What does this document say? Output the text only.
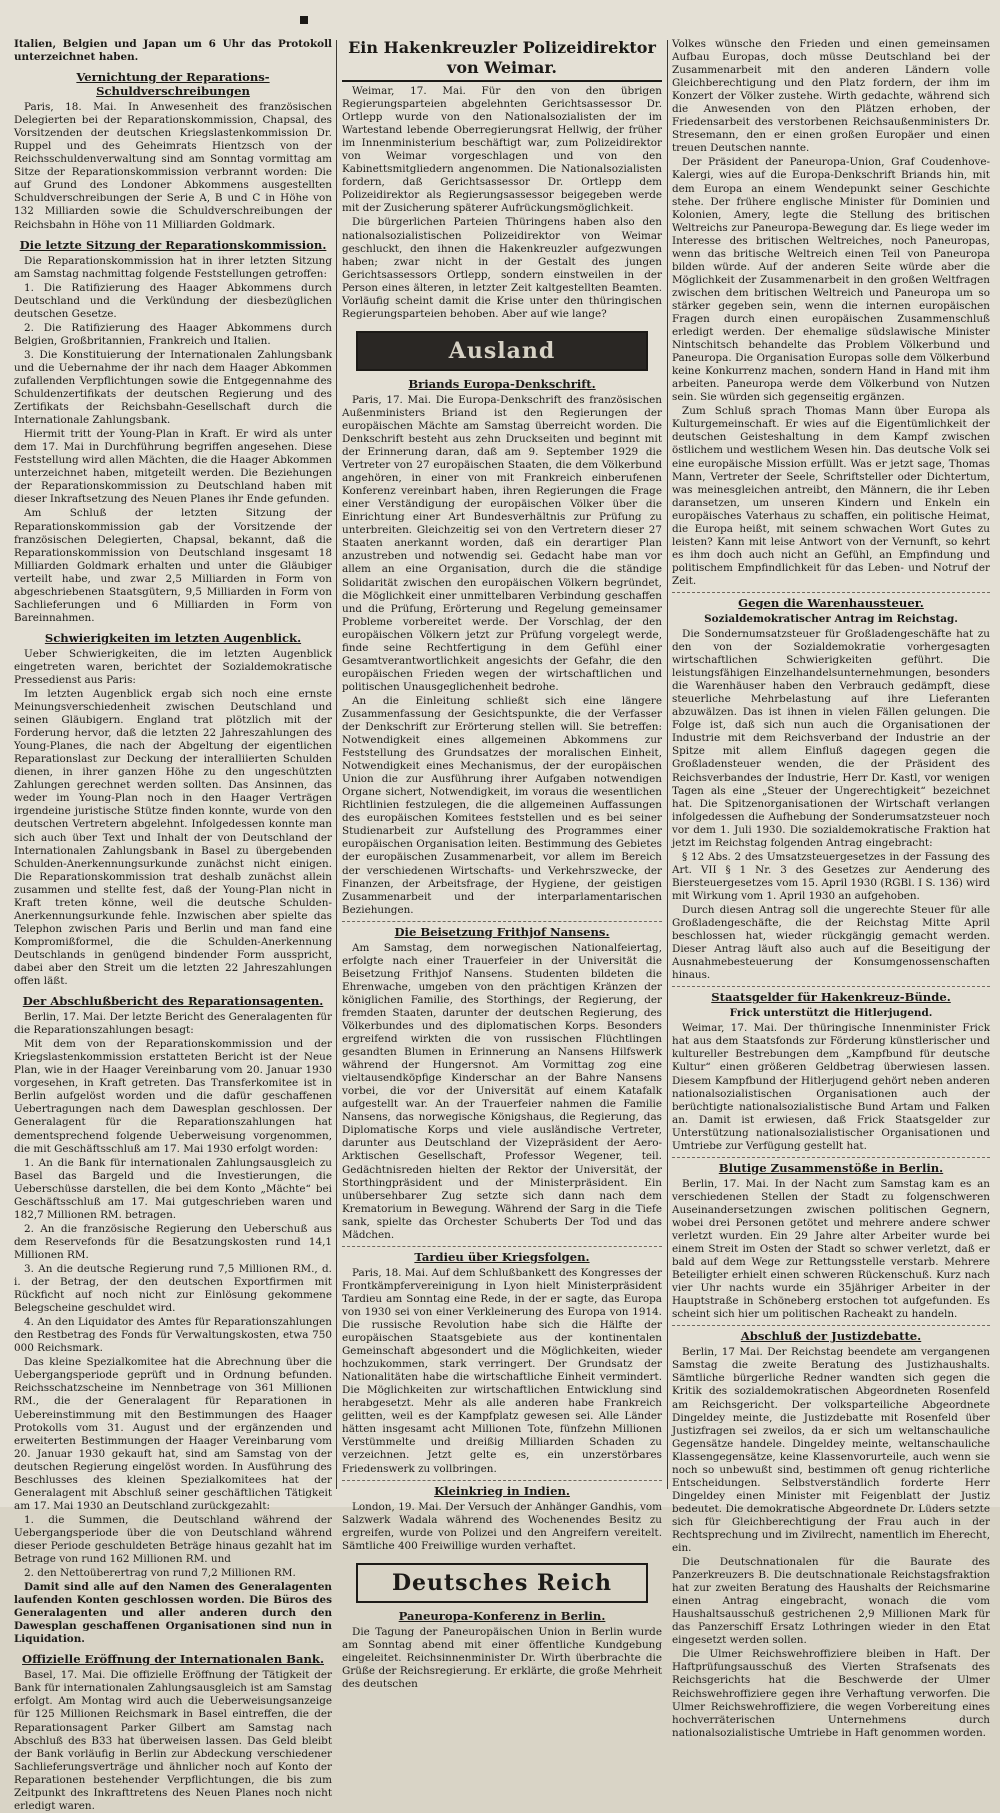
Italien, Belgien und Japan um 6 Uhr das Protokoll unterzeichnet haben.

Vernichtung der Reparations-Schuldverschreibungen

Paris, 18. Mai. In Anwesenheit des französischen Delegierten bei der Reparationskommission, Chapsal, des Vorsitzenden der deutschen Kriegslastenkommission Dr. Ruppel und des Geheimrats Hientzsch von der Reichsschuldenverwaltung sind am Sonntag vormittag am Sitze der Reparationskommission verbrannt worden: Die auf Grund des Londoner Abkommens ausgestellten Schuldverschreibungen der Serie A, B und C in Höhe von 132 Milliarden sowie die Schuldverschreibungen der Reichsbahn in Höhe von 11 Milliarden Goldmark.

Die letzte Sitzung der Reparationskommission.

Die Reparationskommission hat in ihrer letzten Sitzung am Samstag nachmittag folgende Feststellungen getroffen:

1. Die Ratifizierung des Haager Abkommens durch Deutschland und die Verkündung der diesbezüglichen deutschen Gesetze.

2. Die Ratifizierung des Haager Abkommens durch Belgien, Großbritannien, Frankreich und Italien.

3. Die Konstituierung der Internationalen Zahlungsbank und die Uebernahme der ihr nach dem Haager Abkommen zufallenden Verpflichtungen sowie die Entgegennahme des Schuldenzertifikats der deutschen Regierung und des Zertifikats der Reichsbahn-Gesellschaft durch die Internationale Zahlungsbank.

Hiermit tritt der Young-Plan in Kraft. Er wird als unter dem 17. Mai in Durchführung begriffen angesehen. Diese Feststellung wird allen Mächten, die die Haager Abkommen unterzeichnet haben, mitgeteilt werden. Die Beziehungen der Reparationskommission zu Deutschland haben mit dieser Inkraftsetzung des Neuen Planes ihr Ende gefunden.

Am Schluß der letzten Sitzung der Reparationskommission gab der Vorsitzende der französischen Delegierten, Chapsal, bekannt, daß die Reparationskommission von Deutschland insgesamt 18 Milliarden Goldmark erhalten und unter die Gläubiger verteilt habe, und zwar 2,5 Milliarden in Form von abgeschriebenen Staatsgütern, 9,5 Milliarden in Form von Sachlieferungen und 6 Milliarden in Form von Bareinnahmen.

Schwierigkeiten im letzten Augenblick.

Ueber Schwierigkeiten, die im letzten Augenblick eingetreten waren, berichtet der Sozialdemokratische Pressedienst aus Paris:

Im letzten Augenblick ergab sich noch eine ernste Meinungsverschiedenheit zwischen Deutschland und seinen Gläubigern. England trat plötzlich mit der Forderung hervor, daß die letzten 22 Jahreszahlungen des Young-Planes, die nach der Abgeltung der eigentlichen Reparationslast zur Deckung der interalliierten Schulden dienen, in ihrer ganzen Höhe zu den ungeschützten Zahlungen gerechnet werden sollten. Das Ansinnen, das weder im Young-Plan noch in den Haager Verträgen irgendeine juristische Stütze finden konnte, wurde von den deutschen Vertretern abgelehnt. Infolgedessen konnte man sich auch über Text und Inhalt der von Deutschland der Internationalen Zahlungsbank in Basel zu übergebenden Schulden-Anerkennungsurkunde zunächst nicht einigen. Die Reparationskommission trat deshalb zunächst allein zusammen und stellte fest, daß der Young-Plan nicht in Kraft treten könne, weil die deutsche Schulden-Anerkennungsurkunde fehle. Inzwischen aber spielte das Telephon zwischen Paris und Berlin und man fand eine Kompromißformel, die die Schulden-Anerkennung Deutschlands in genügend bindender Form ausspricht, dabei aber den Streit um die letzten 22 Jahreszahlungen offen läßt.

Der Abschlußbericht des Reparationsagenten.

Berlin, 17. Mai. Der letzte Bericht des Generalagenten für die Reparationszahlungen besagt:

Mit dem von der Reparationskommission und der Kriegslastenkommission erstatteten Bericht ist der Neue Plan, wie in der Haager Vereinbarung vom 20. Januar 1930 vorgesehen, in Kraft getreten. Das Transferkomitee ist in Berlin aufgelöst worden und die dafür geschaffenen Uebertragungen nach dem Dawesplan geschlossen. Der Generalagent für die Reparationszahlungen hat dementsprechend folgende Ueberweisung vorgenommen, die mit Geschäftsschluß am 17. Mai 1930 erfolgt worden:

1. An die Bank für internationalen Zahlungsausgleich zu Basel das Bargeld und die Investierungen, die Ueberschüsse darstellen, die bei dem Konto „Mächte“ bei Geschäftsschluß am 17. Mai gutgeschrieben waren und 182,7 Millionen RM. betragen.

2. An die französische Regierung den Ueberschuß aus dem Reservefonds für die Besatzungskosten rund 14,1 Millionen RM.

3. An die deutsche Regierung rund 7,5 Millionen RM., d. i. der Betrag, der den deutschen Exportfirmen mit Rückficht auf noch nicht zur Einlösung gekommene Belegscheine geschuldet wird.

4. An den Liquidator des Amtes für Reparationszahlungen den Restbetrag des Fonds für Verwaltungskosten, etwa 750 000 Reichsmark.

Das kleine Spezialkomitee hat die Abrechnung über die Uebergangsperiode geprüft und in Ordnung befunden. Reichsschatzscheine im Nennbetrage von 361 Millionen RM., die der Generalagent für Reparationen in Uebereinstimmung mit den Bestimmungen des Haager Protokolls vom 31. August und der ergänzenden und erweiterten Bestimmungen der Haager Vereinbarung vom 20. Januar 1930 gekauft hat, sind am Samstag von der deutschen Regierung eingelöst worden. In Ausführung des Beschlusses des kleinen Spezialkomitees hat der Generalagent mit Abschluß seiner geschäftlichen Tätigkeit am 17. Mai 1930 an Deutschland zurückgezahlt:

1. die Summen, die Deutschland während der Uebergangsperiode über die von Deutschland während dieser Periode geschuldeten Beträge hinaus gezahlt hat im Betrage von rund 162 Millionen RM. und

2. den Nettoüberertrag von rund 7,2 Millionen RM.

Damit sind alle auf den Namen des Generalagenten laufenden Konten geschlossen worden. Die Büros des Generalagenten und aller anderen durch den Dawesplan geschaffenen Organisationen sind nun in Liquidation.

Offizielle Eröffnung der Internationalen Bank.

Basel, 17. Mai. Die offizielle Eröffnung der Tätigkeit der Bank für internationalen Zahlungsausgleich ist am Samstag erfolgt. Am Montag wird auch die Ueberweisungsanzeige für 125 Millionen Reichsmark in Basel eintreffen, die der Reparationsagent Parker Gilbert am Samstag nach Abschluß des B33 hat überweisen lassen. Das Geld bleibt der Bank vorläufig in Berlin zur Abdeckung verschiedener Sachlieferungsverträge und ähnlicher noch auf Konto der Reparationen bestehender Verpflichtungen, die bis zum Zeitpunkt des Inkrafttretens des Neuen Planes noch nicht erledigt waren.

Ein Hakenkreuzler Polizeidirektor von Weimar.

Weimar, 17. Mai. Für den von den übrigen Regierungsparteien abgelehnten Gerichtsassessor Dr. Ortlepp wurde von den Nationalsozialisten der im Wartestand lebende Oberregierungsrat Hellwig, der früher im Innenministerium beschäftigt war, zum Polizeidirektor von Weimar vorgeschlagen und von den Kabinettsmitgliedern angenommen. Die Nationalsozialisten fordern, daß Gerichtsassessor Dr. Ortlepp dem Polizeidirektor als Regierungsassessor beigegeben werde mit der Zusicherung späterer Aufrückungsmöglichkeit.

Die bürgerlichen Parteien Thüringens haben also den nationalsozialistischen Polizeidirektor von Weimar geschluckt, den ihnen die Hakenkreuzler aufgezwungen haben; zwar nicht in der Gestalt des jungen Gerichtsassessors Ortlepp, sondern einstweilen in der Person eines älteren, in letzter Zeit kaltgestellten Beamten. Vorläufig scheint damit die Krise unter den thüringischen Regierungsparteien behoben. Aber auf wie lange?

Ausland
Briands Europa-Denkschrift.

Paris, 17. Mai. Die Europa-Denkschrift des französischen Außenministers Briand ist den Regierungen der europäischen Mächte am Samstag überreicht worden. Die Denkschrift besteht aus zehn Druckseiten und beginnt mit der Erinnerung daran, daß am 9. September 1929 die Vertreter von 27 europäischen Staaten, die dem Völkerbund angehören, in einer von mit Frankreich einberufenen Konferenz vereinbart haben, ihren Regierungen die Frage einer Verständigung der europäischen Völker über die Einrichtung einer Art Bundesverhältnis zur Prüfung zu unterbreiten. Gleichzeitig sei von den Vertretern dieser 27 Staaten anerkannt worden, daß ein derartiger Plan anzustreben und notwendig sei. Gedacht habe man vor allem an eine Organisation, durch die die ständige Solidarität zwischen den europäischen Völkern begründet, die Möglichkeit einer unmittelbaren Verbindung geschaffen und die Prüfung, Erörterung und Regelung gemeinsamer Probleme vorbereitet werde. Der Vorschlag, der den europäischen Völkern jetzt zur Prüfung vorgelegt werde, finde seine Rechtfertigung in dem Gefühl einer Gesamtverantwortlichkeit angesichts der Gefahr, die den europäischen Frieden wegen der wirtschaftlichen und politischen Unausgeglichenheit bedrohe.

An die Einleitung schließt sich eine längere Zusammenfassung der Gesichtspunkte, die der Verfasser der Denkschrift zur Erörterung stellen will. Sie betreffen: Notwendigkeit eines allgemeinen Abkommens zur Feststellung des Grundsatzes der moralischen Einheit, Notwendigkeit eines Mechanismus, der der europäischen Union die zur Ausführung ihrer Aufgaben notwendigen Organe sichert, Notwendigkeit, im voraus die wesentlichen Richtlinien festzulegen, die die allgemeinen Auffassungen des europäischen Komitees feststellen und es bei seiner Studienarbeit zur Aufstellung des Programmes einer europäischen Organisation leiten. Bestimmung des Gebietes der europäischen Zusammenarbeit, vor allem im Bereich der verschiedenen Wirtschafts- und Verkehrszwecke, der Finanzen, der Arbeitsfrage, der Hygiene, der geistigen Zusammenarbeit und der interparlamentarischen Beziehungen.

Die Beisetzung Frithjof Nansens.

Am Samstag, dem norwegischen Nationalfeiertag, erfolgte nach einer Trauerfeier in der Universität die Beisetzung Frithjof Nansens. Studenten bildeten die Ehrenwache, umgeben von den prächtigen Kränzen der königlichen Familie, des Storthings, der Regierung, der fremden Staaten, darunter der deutschen Regierung, des Völkerbundes und des diplomatischen Korps. Besonders ergreifend wirkten die von russischen Flüchtlingen gesandten Blumen in Erinnerung an Nansens Hilfswerk während der Hungersnot. Am Vormittag zog eine vieltausendköpfige Kinderschar an der Bahre Nansens vorbei, die vor der Universität auf einem Katafalk aufgestellt war. An der Trauerfeier nahmen die Familie Nansens, das norwegische Königshaus, die Regierung, das Diplomatische Korps und viele ausländische Vertreter, darunter aus Deutschland der Vizepräsident der Aero-Arktischen Gesellschaft, Professor Wegener, teil. Gedächtnisreden hielten der Rektor der Universität, der Storthingpräsident und der Ministerpräsident. Ein unübersehbarer Zug setzte sich dann nach dem Krematorium in Bewegung. Während der Sarg in die Tiefe sank, spielte das Orchester Schuberts Der Tod und das Mädchen.

Tardieu über Kriegsfolgen.

Paris, 18. Mai. Auf dem Schlußbankett des Kongresses der Frontkämpfervereinigung in Lyon hielt Ministerpräsident Tardieu am Sonntag eine Rede, in der er sagte, das Europa von 1930 sei von einer Verkleinerung des Europa von 1914. Die russische Revolution habe sich die Hälfte der europäischen Staatsgebiete aus der kontinentalen Gemeinschaft abgesondert und die Möglichkeiten, wieder hochzukommen, stark verringert. Der Grundsatz der Nationalitäten habe die wirtschaftliche Einheit vermindert. Die Möglichkeiten zur wirtschaftlichen Entwicklung sind herabgesetzt. Mehr als alle anderen habe Frankreich gelitten, weil es der Kampfplatz gewesen sei. Alle Länder hätten insgesamt acht Millionen Tote, fünfzehn Millionen Verstümmelte und dreißig Milliarden Schaden zu verzeichnen. Jetzt gelte es, ein unzerstörbares Friedenswerk zu vollbringen.

Kleinkrieg in Indien.

London, 19. Mai. Der Versuch der Anhänger Gandhis, vom Salzwerk Wadala während des Wochenendes Besitz zu ergreifen, wurde von Polizei und den Angreifern vereitelt. Sämtliche 400 Freiwillige wurden verhaftet.

Deutsches Reich
Paneuropa-Konferenz in Berlin.

Die Tagung der Paneuropäischen Union in Berlin wurde am Sonntag abend mit einer öffentliche Kundgebung eingeleitet. Reichsinnenminister Dr. Wirth überbrachte die Grüße der Reichsregierung. Er erklärte, die große Mehrheit des deutschen

Volkes wünsche den Frieden und einen gemeinsamen Aufbau Europas, doch müsse Deutschland bei der Zusammenarbeit mit den anderen Ländern volle Gleichberechtigung und den Platz fordern, der ihm im Konzert der Völker zustehe. Wirth gedachte, während sich die Anwesenden von den Plätzen erhoben, der Friedensarbeit des verstorbenen Reichsaußenministers Dr. Stresemann, den er einen großen Europäer und einen treuen Deutschen nannte.

Der Präsident der Paneuropa-Union, Graf Coudenhove-Kalergi, wies auf die Europa-Denkschrift Briands hin, mit dem Europa an einem Wendepunkt seiner Geschichte stehe. Der frühere englische Minister für Dominien und Kolonien, Amery, legte die Stellung des britischen Weltreichs zur Paneuropa-Bewegung dar. Es liege weder im Interesse des britischen Weltreiches, noch Paneuropas, wenn das britische Weltreich einen Teil von Paneuropa bilden würde. Auf der anderen Seite würde aber die Möglichkeit der Zusammenarbeit in den großen Weltfragen zwischen dem britischen Weltreich und Paneuropa um so stärker gegeben sein, wenn die internen europäischen Fragen durch einen europäischen Zusammenschluß erledigt werden. Der ehemalige südslawische Minister Nintschitsch behandelte das Problem Völkerbund und Paneuropa. Die Organisation Europas solle dem Völkerbund keine Konkurrenz machen, sondern Hand in Hand mit ihm arbeiten. Paneuropa werde dem Völkerbund von Nutzen sein. Sie würden sich gegenseitig ergänzen.

Zum Schluß sprach Thomas Mann über Europa als Kulturgemeinschaft. Er wies auf die Eigentümlichkeit der deutschen Geisteshaltung in dem Kampf zwischen östlichem und westlichem Wesen hin. Das deutsche Volk sei eine europäische Mission erfüllt. Was er jetzt sage, Thomas Mann, Vertreter der Seele, Schriftsteller oder Dichtertum, was meinesgleichen antreibt, den Männern, die ihr Leben daransetzen, um unseren Kindern und Enkeln ein europäisches Vaterhaus zu schaffen, ein politische Heimat, die Europa heißt, mit seinem schwachen Wort Gutes zu leisten? Kann mit leise Antwort von der Vernunft, so kehrt es ihm doch auch nicht an Gefühl, an Empfindung und politischem Empfindlichkeit für das Leben- und Notruf der Zeit.

Gegen die Warenhaussteuer.
Sozialdemokratischer Antrag im Reichstag.

Die Sondernumsatzsteuer für Großladengeschäfte hat zu den von der Sozialdemokratie vorhergesagten wirtschaftlichen Schwierigkeiten geführt. Die leistungsfähigen Einzelhandelsunternehmungen, besonders die Warenhäuser haben den Verbrauch gedämpft, diese steuerliche Mehrbelastung auf ihre Lieferanten abzuwälzen. Das ist ihnen in vielen Fällen gelungen. Die Folge ist, daß sich nun auch die Organisationen der Industrie mit dem Reichsverband der Industrie an der Spitze mit allem Einfluß dagegen gegen die Großladensteuer wenden, die der Präsident des Reichsverbandes der Industrie, Herr Dr. Kastl, vor wenigen Tagen als eine „Steuer der Ungerechtigkeit“ bezeichnet hat. Die Spitzenorganisationen der Wirtschaft verlangen infolgedessen die Aufhebung der Sonderumsatzsteuer noch vor dem 1. Juli 1930. Die sozialdemokratische Fraktion hat jetzt im Reichstag folgenden Antrag eingebracht:

§ 12 Abs. 2 des Umsatzsteuergesetzes in der Fassung des Art. VII § 1 Nr. 3 des Gesetzes zur Aenderung des Biersteuergesetzes vom 15. April 1930 (RGBl. I S. 136) wird mit Wirkung vom 1. April 1930 an aufgehoben.

Durch diesen Antrag soll die ungerechte Steuer für alle Großladengeschäfte, die der Reichstag Mitte April beschlossen hat, wieder rückgängig gemacht werden. Dieser Antrag läuft also auch auf die Beseitigung der Ausnahmebesteuerung der Konsumgenossenschaften hinaus.

Staatsgelder für Hakenkreuz-Bünde.
Frick unterstützt die Hitlerjugend.

Weimar, 17. Mai. Der thüringische Innenminister Frick hat aus dem Staatsfonds zur Förderung künstlerischer und kultureller Bestrebungen dem „Kampfbund für deutsche Kultur“ einen größeren Geldbetrag überwiesen lassen. Diesem Kampfbund der Hitlerjugend gehört neben anderen nationalsozialistischen Organisationen auch der berüchtigte nationalsozialistische Bund Artam und Falken an. Damit ist erwiesen, daß Frick Staatsgelder zur Unterstützung nationalsozialistischer Organisationen und Umtriebe zur Verfügung gestellt hat.

Blutige Zusammenstöße in Berlin.

Berlin, 17. Mai. In der Nacht zum Samstag kam es an verschiedenen Stellen der Stadt zu folgenschweren Auseinandersetzungen zwischen politischen Gegnern, wobei drei Personen getötet und mehrere andere schwer verletzt wurden. Ein 29 Jahre alter Arbeiter wurde bei einem Streit im Osten der Stadt so schwer verletzt, daß er bald auf dem Wege zur Rettungsstelle verstarb. Mehrere Beteiligter erhielt einen schweren Rückenschuß. Kurz nach vier Uhr nachts wurde ein 35jähriger Arbeiter in der Hauptstraße in Schöneberg erstochen tot aufgefunden. Es scheint sich hier um politischen Racheakt zu handeln.

Abschluß der Justizdebatte.

Berlin, 17 Mai. Der Reichstag beendete am vergangenen Samstag die zweite Beratung des Justizhaushalts. Sämtliche bürgerliche Redner wandten sich gegen die Kritik des sozialdemokratischen Abgeordneten Rosenfeld am Reichsgericht. Der volksparteiliche Abgeordnete Dingeldey meinte, die Justizdebatte mit Rosenfeld über Justizfragen sei zweilos, da er sich um weltanschauliche Gegensätze handele. Dingeldey meinte, weltanschauliche Klassengegensätze, keine Klassenvorurteile, auch wenn sie noch so unbewußt sind, bestimmen oft genug richterliche Entscheidungen. Selbstverständlich forderte Herr Dingeldey einen Minister mit Feigenblatt der Justiz bedeutet. Die demokratische Abgeordnete Dr. Lüders setzte sich für Gleichberechtigung der Frau auch in der Rechtsprechung und im Zivilrecht, namentlich im Eherecht, ein.

Die Deutschnationalen für die Baurate des Panzerkreuzers B. Die deutschnationale Reichstagsfraktion hat zur zweiten Beratung des Haushalts der Reichsmarine einen Antrag eingebracht, wonach die vom Haushaltsausschuß gestrichenen 2,9 Millionen Mark für das Panzerschiff Ersatz Lothringen wieder in den Etat eingesetzt werden sollen.

Die Ulmer Reichswehroffiziere bleiben in Haft. Der Haftprüfungsausschuß des Vierten Strafsenats des Reichsgerichts hat die Beschwerde der Ulmer Reichswehroffiziere gegen ihre Verhaftung verworfen. Die Ulmer Reichswehroffiziere, die wegen Vorbereitung eines hochverräterischen Unternehmens durch nationalsozialistische Umtriebe in Haft genommen worden.
